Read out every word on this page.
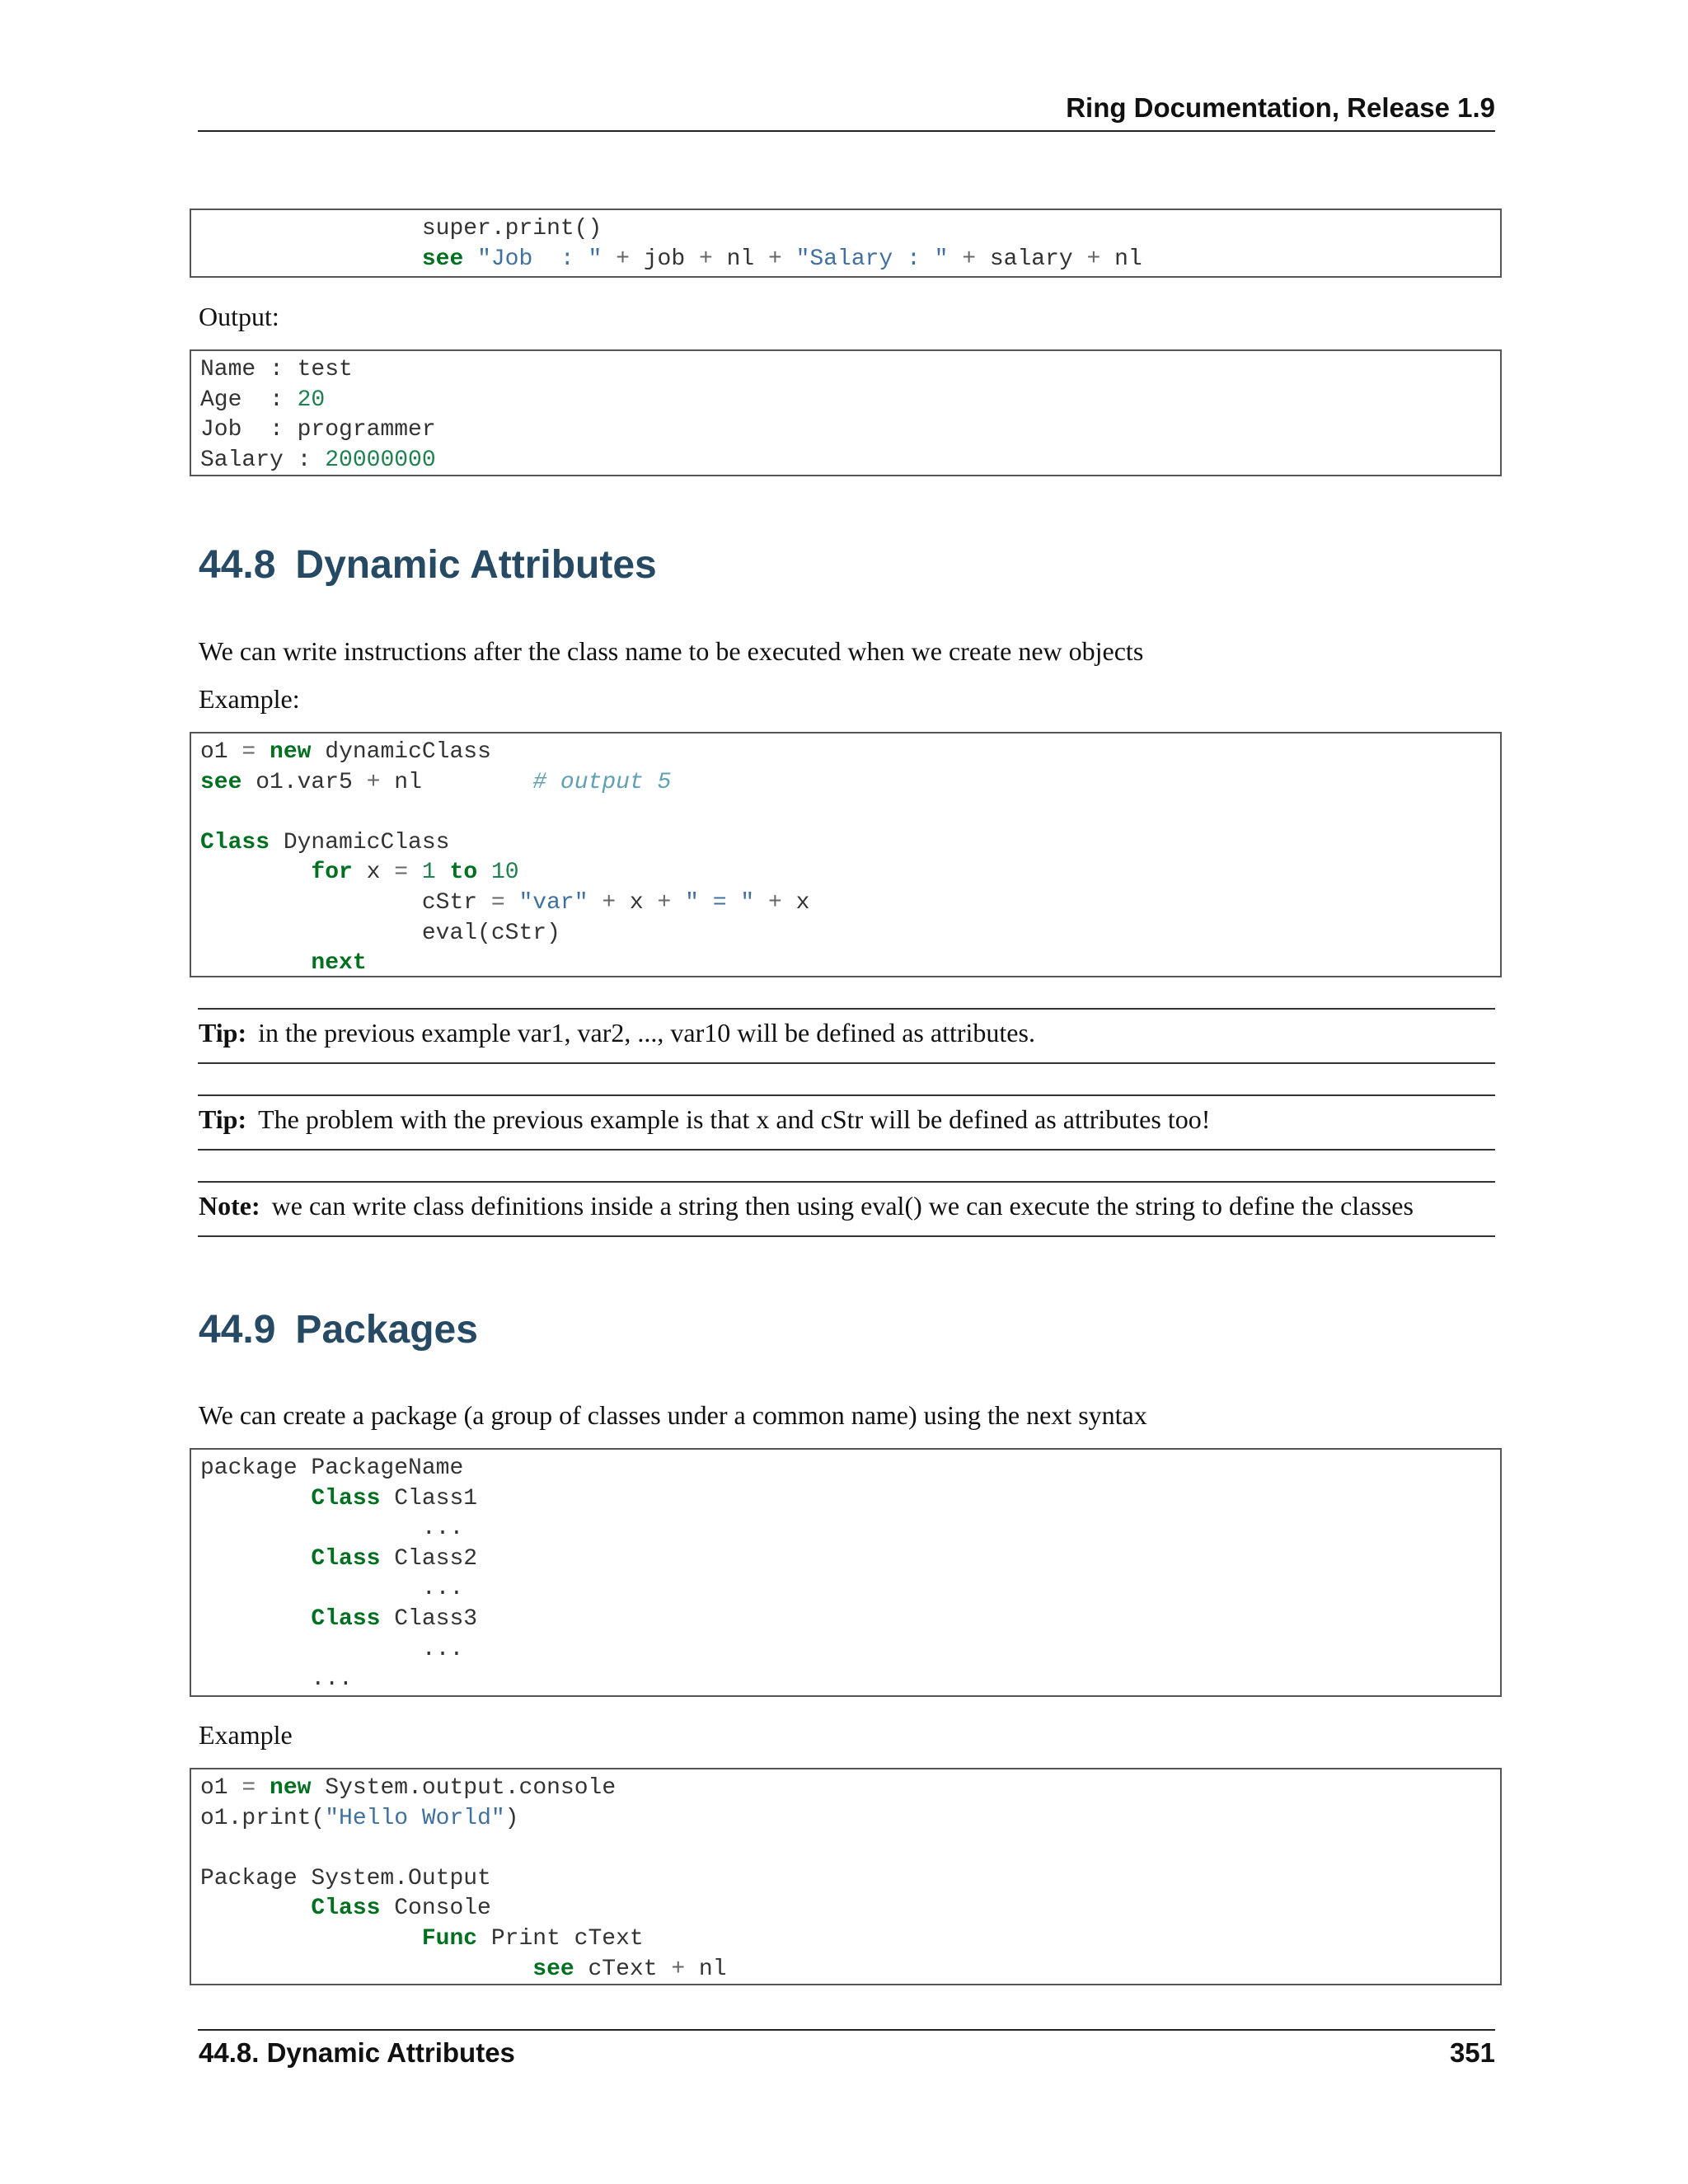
Ring Documentation, Release 1.9
super.print()
see "Job  : " + job + nl + "Salary : " + salary + nl
Output:
Name : test
Age  : 20
Job  : programmer
Salary : 20000000
44.8 Dynamic Attributes
We can write instructions after the class name to be executed when we create new objects
Example:
o1 = new dynamicClass
see o1.var5 + nl        # output 5

Class DynamicClass
for x = 1 to 10
cStr = "var" + x + " = " + x
eval(cStr)
next
Tip: in the previous example var1, var2, ..., var10 will be defined as attributes.
Tip: The problem with the previous example is that x and cStr will be defined as attributes too!
Note: we can write class definitions inside a string then using eval() we can execute the string to define the classes
44.9 Packages
We can create a package (a group of classes under a common name) using the next syntax
package PackageName
Class Class1
...
Class Class2
...
Class Class3
...
...
Example
o1 = new System.output.console
o1.print("Hello World")

Package System.Output
Class Console
Func Print cText
see cText + nl
44.8. Dynamic Attributes	351
